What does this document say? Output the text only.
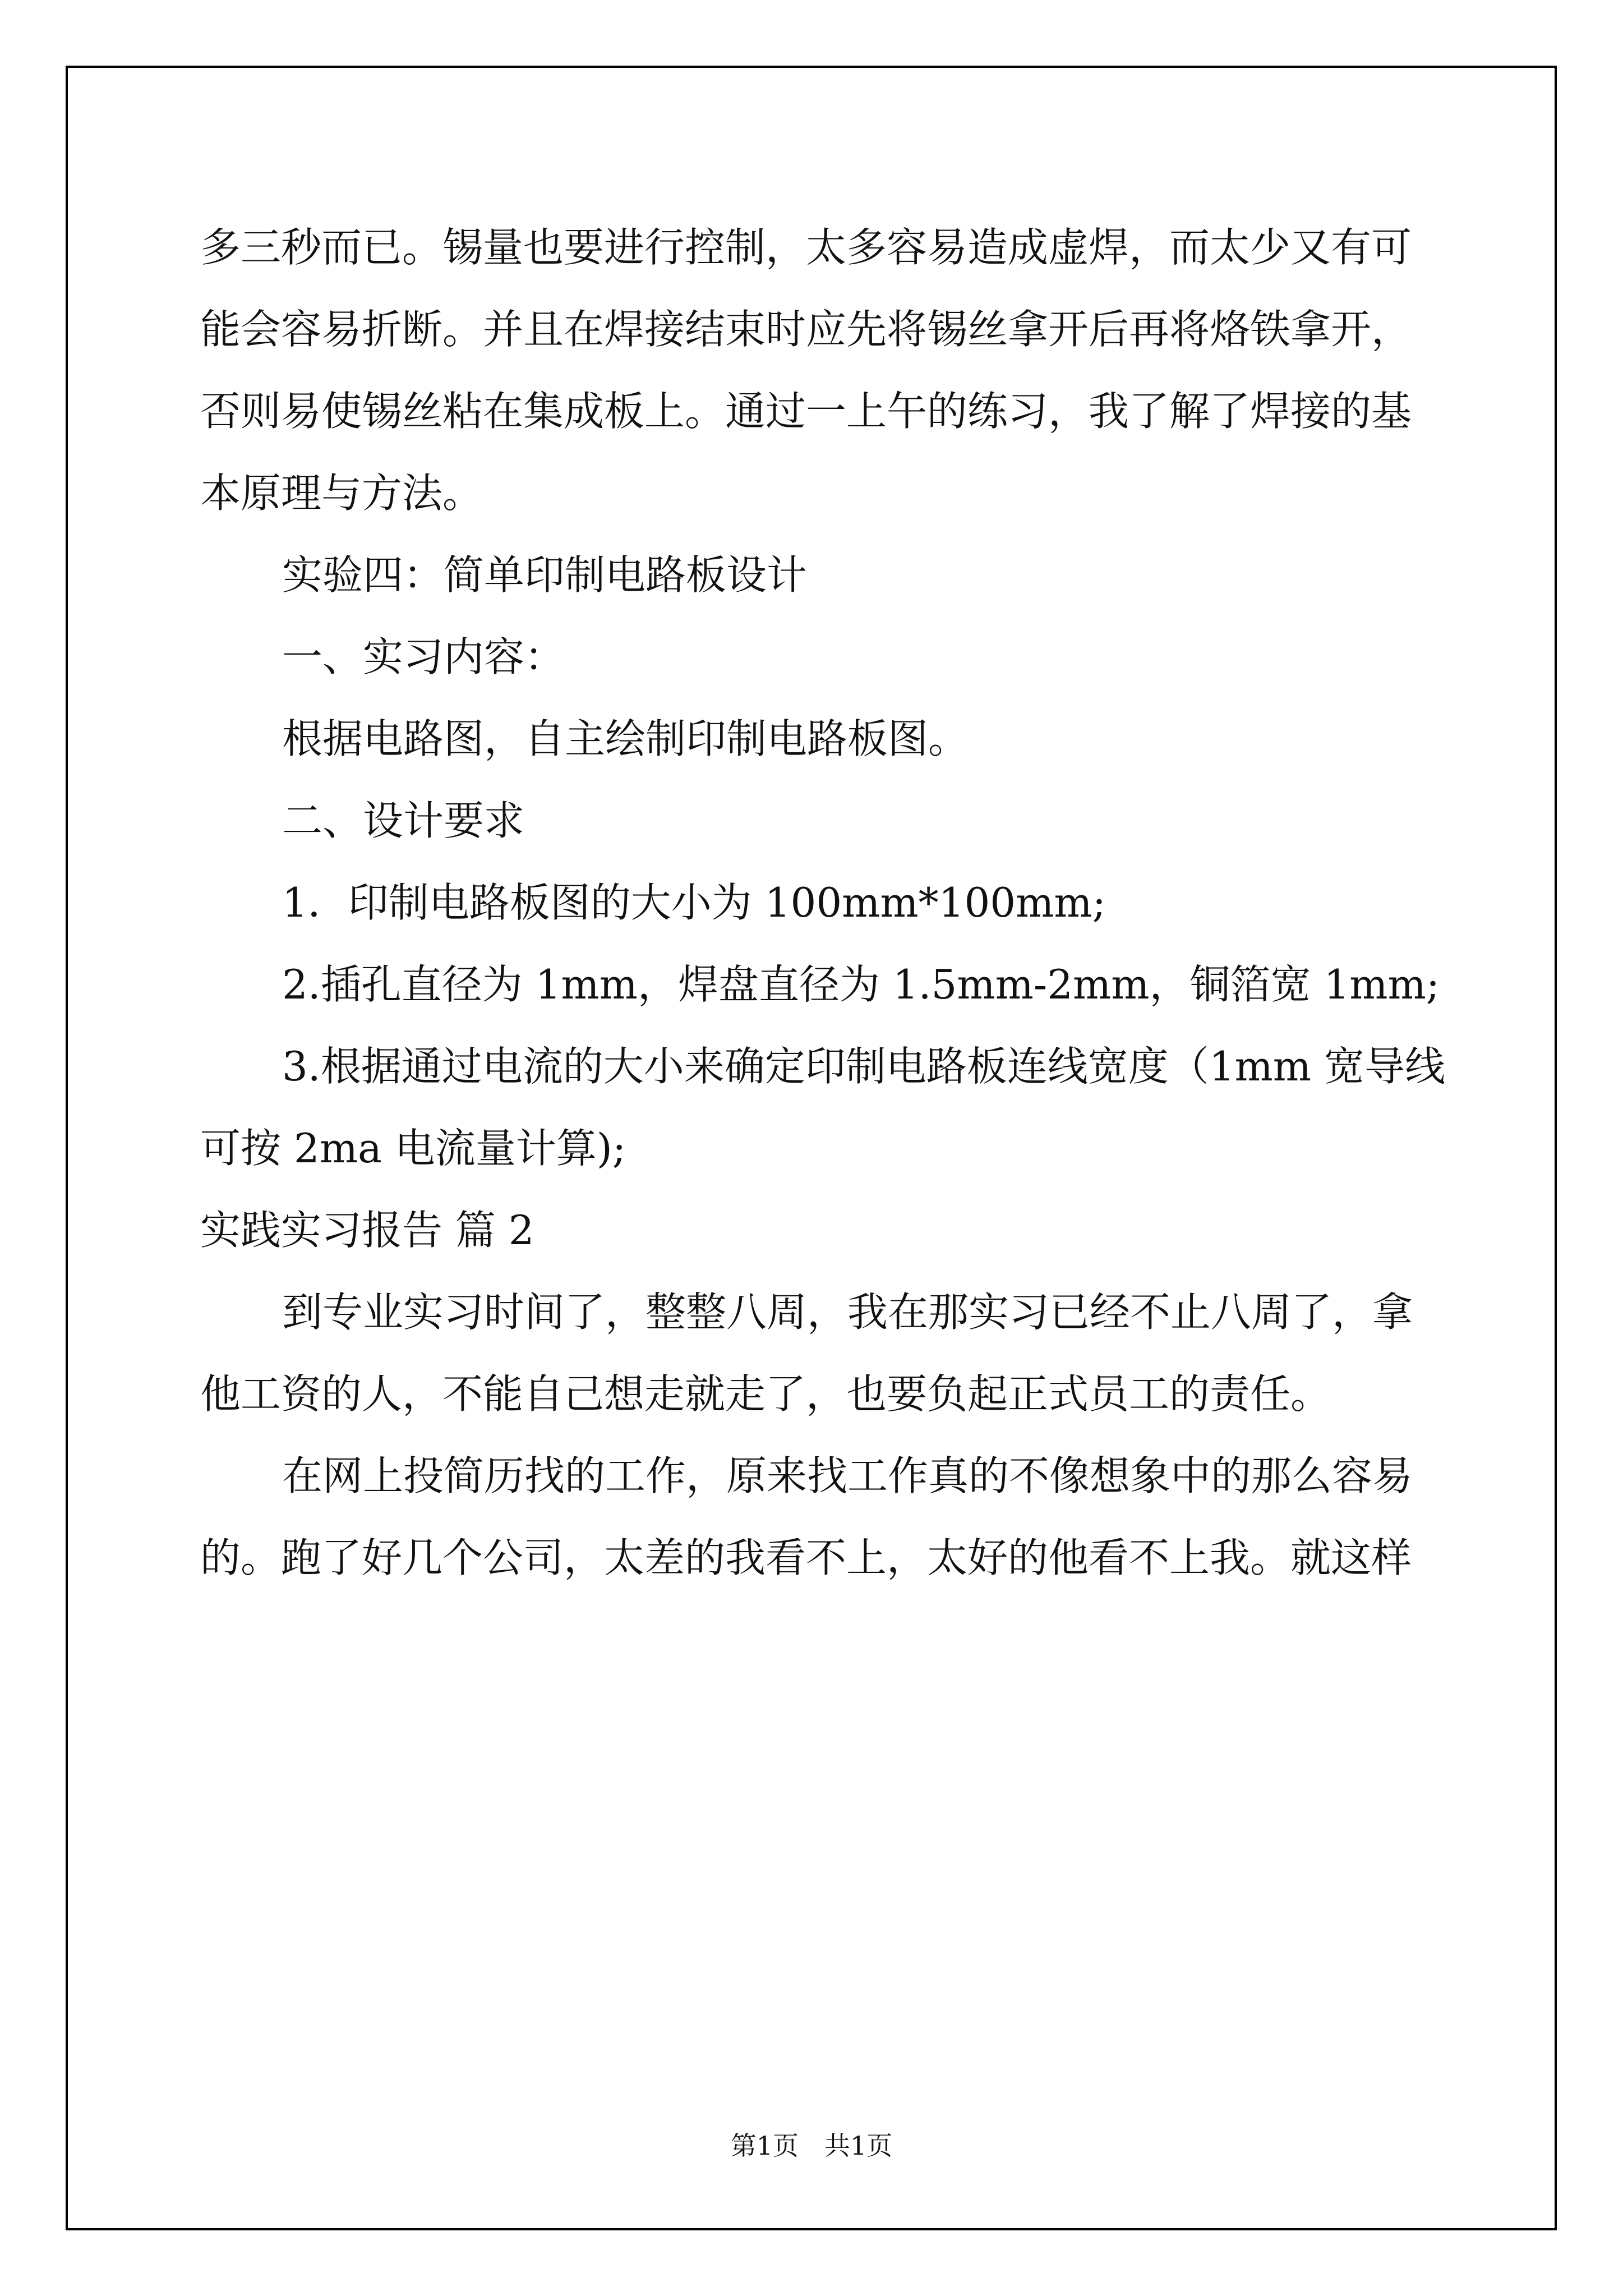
多三秒而已。锡量也要进行控制，太多容易造成虚焊，而太少又有可
能会容易折断。并且在焊接结束时应先将锡丝拿开后再将烙铁拿开，
否则易使锡丝粘在集成板上。通过一上午的练习，我了解了焊接的基
本原理与方法。
实验四：简单印制电路板设计
一、实习内容：
根据电路图，自主绘制印制电路板图。
二、设计要求
1．印制电路板图的大小为 100mm*100mm;
2.插孔直径为 1mm，焊盘直径为 1.5mm-2mm，铜箔宽 1mm;
3.根据通过电流的大小来确定印制电路板连线宽度（1mm 宽导线
可按 2ma 电流量计算);
实践实习报告 篇 2
到专业实习时间了，整整八周，我在那实习已经不止八周了，拿
他工资的人，不能自己想走就走了，也要负起正式员工的责任。
在网上投简历找的工作，原来找工作真的不像想象中的那么容易
的。跑了好几个公司，太差的我看不上，太好的他看不上我。就这样
第1页　共1页
